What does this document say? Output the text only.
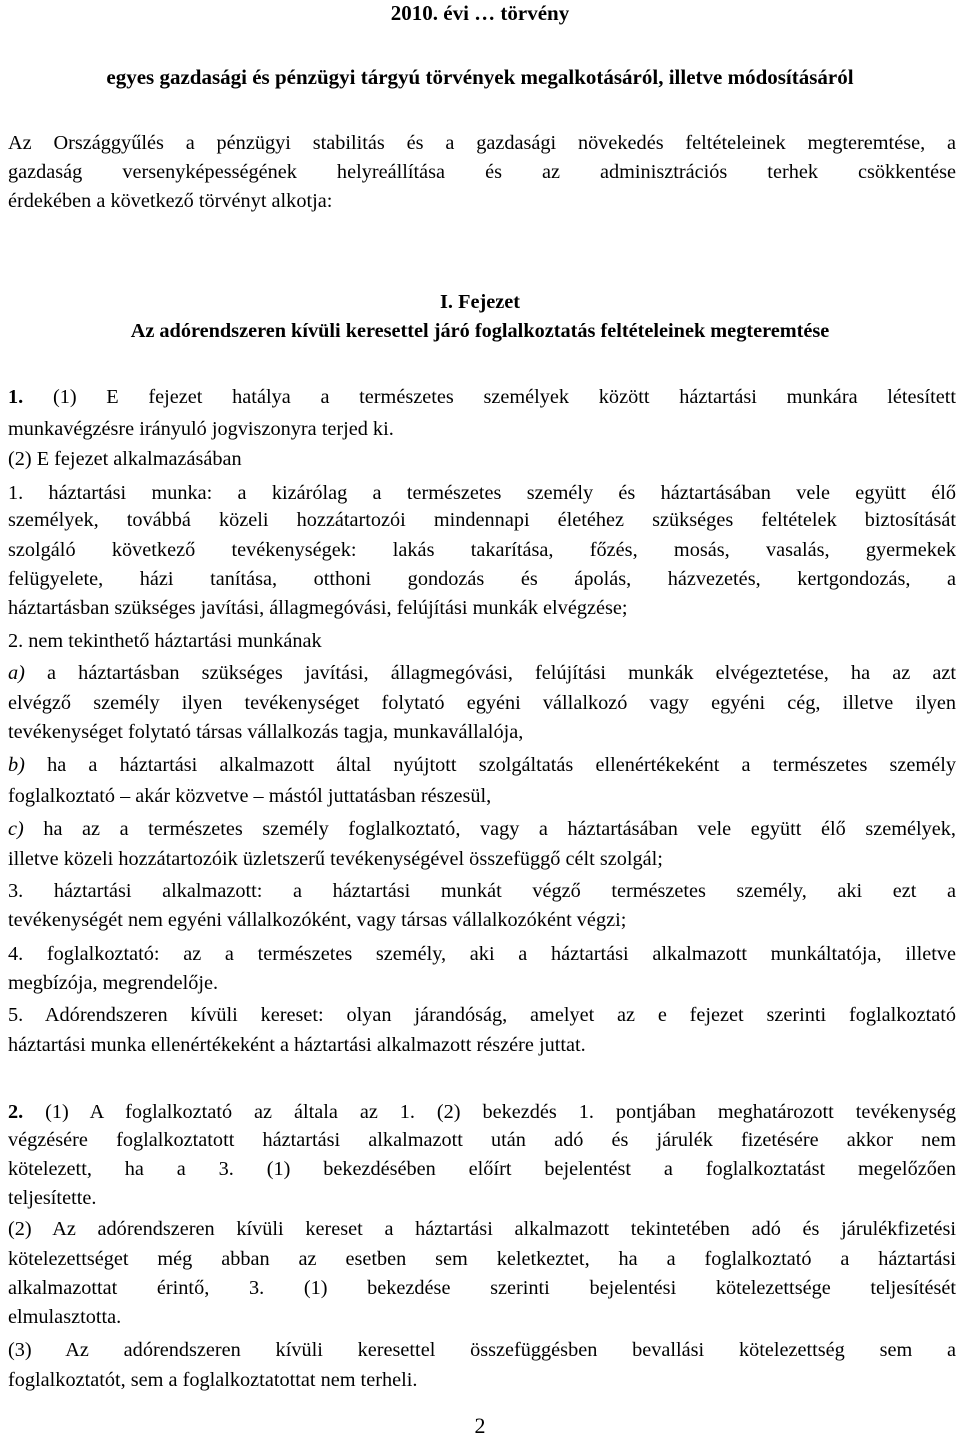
2010. évi … törvény
egyes gazdasági és pénzügyi tárgyú törvények megalkotásáról, illetve módosításáról
Az Országgyűlés a pénzügyi stabilitás és a gazdasági növekedés feltételeinek megteremtése, a
gazdaság versenyképességének helyreállítása és az adminisztrációs terhek csökkentése
érdekében a következő törvényt alkotja:
I. Fejezet
Az adórendszeren kívüli keresettel járó foglalkoztatás feltételeinek megteremtése
1. (1) E fejezet hatálya a természetes személyek között háztartási munkára létesített
munkavégzésre irányuló jogviszonyra terjed ki.
(2) E fejezet alkalmazásában
1. háztartási munka: a kizárólag a természetes személy és háztartásában vele együtt élő
személyek, továbbá közeli hozzátartozói mindennapi életéhez szükséges feltételek biztosítását
szolgáló következő tevékenységek: lakás takarítása, főzés, mosás, vasalás, gyermekek
felügyelete, házi tanítása, otthoni gondozás és ápolás, házvezetés, kertgondozás, a
háztartásban szükséges javítási, állagmegóvási, felújítási munkák elvégzése;
2. nem tekinthető háztartási munkának
a) a háztartásban szükséges javítási, állagmegóvási, felújítási munkák elvégeztetése, ha az azt
elvégző személy ilyen tevékenységet folytató egyéni vállalkozó vagy egyéni cég, illetve ilyen
tevékenységet folytató társas vállalkozás tagja, munkavállalója,
b) ha a háztartási alkalmazott által nyújtott szolgáltatás ellenértékeként a természetes személy
foglalkoztató – akár közvetve – mástól juttatásban részesül,
c) ha az a természetes személy foglalkoztató, vagy a háztartásában vele együtt élő személyek,
illetve közeli hozzátartozóik üzletszerű tevékenységével összefüggő célt szolgál;
3. háztartási alkalmazott: a háztartási munkát végző természetes személy, aki ezt a
tevékenységét nem egyéni vállalkozóként, vagy társas vállalkozóként végzi;
4. foglalkoztató: az a természetes személy, aki a háztartási alkalmazott munkáltatója, illetve
megbízója, megrendelője.
5. Adórendszeren kívüli kereset: olyan járandóság, amelyet az e fejezet szerinti foglalkoztató
háztartási munka ellenértékeként a háztartási alkalmazott részére juttat.
2. (1) A foglalkoztató az általa az 1. (2) bekezdés 1. pontjában meghatározott tevékenység
végzésére foglalkoztatott háztartási alkalmazott után adó és járulék fizetésére akkor nem
kötelezett, ha a 3. (1) bekezdésében előírt bejelentést a foglalkoztatást megelőzően
teljesítette.
(2) Az adórendszeren kívüli kereset a háztartási alkalmazott tekintetében adó és járulékfizetési
kötelezettséget még abban az esetben sem keletkeztet, ha a foglalkoztató a háztartási
alkalmazottat érintő, 3. (1) bekezdése szerinti bejelentési kötelezettsége teljesítését
elmulasztotta.
(3) Az adórendszeren kívüli keresettel összefüggésben bevallási kötelezettség sem a
foglalkoztatót, sem a foglalkoztatottat nem terheli.
2
